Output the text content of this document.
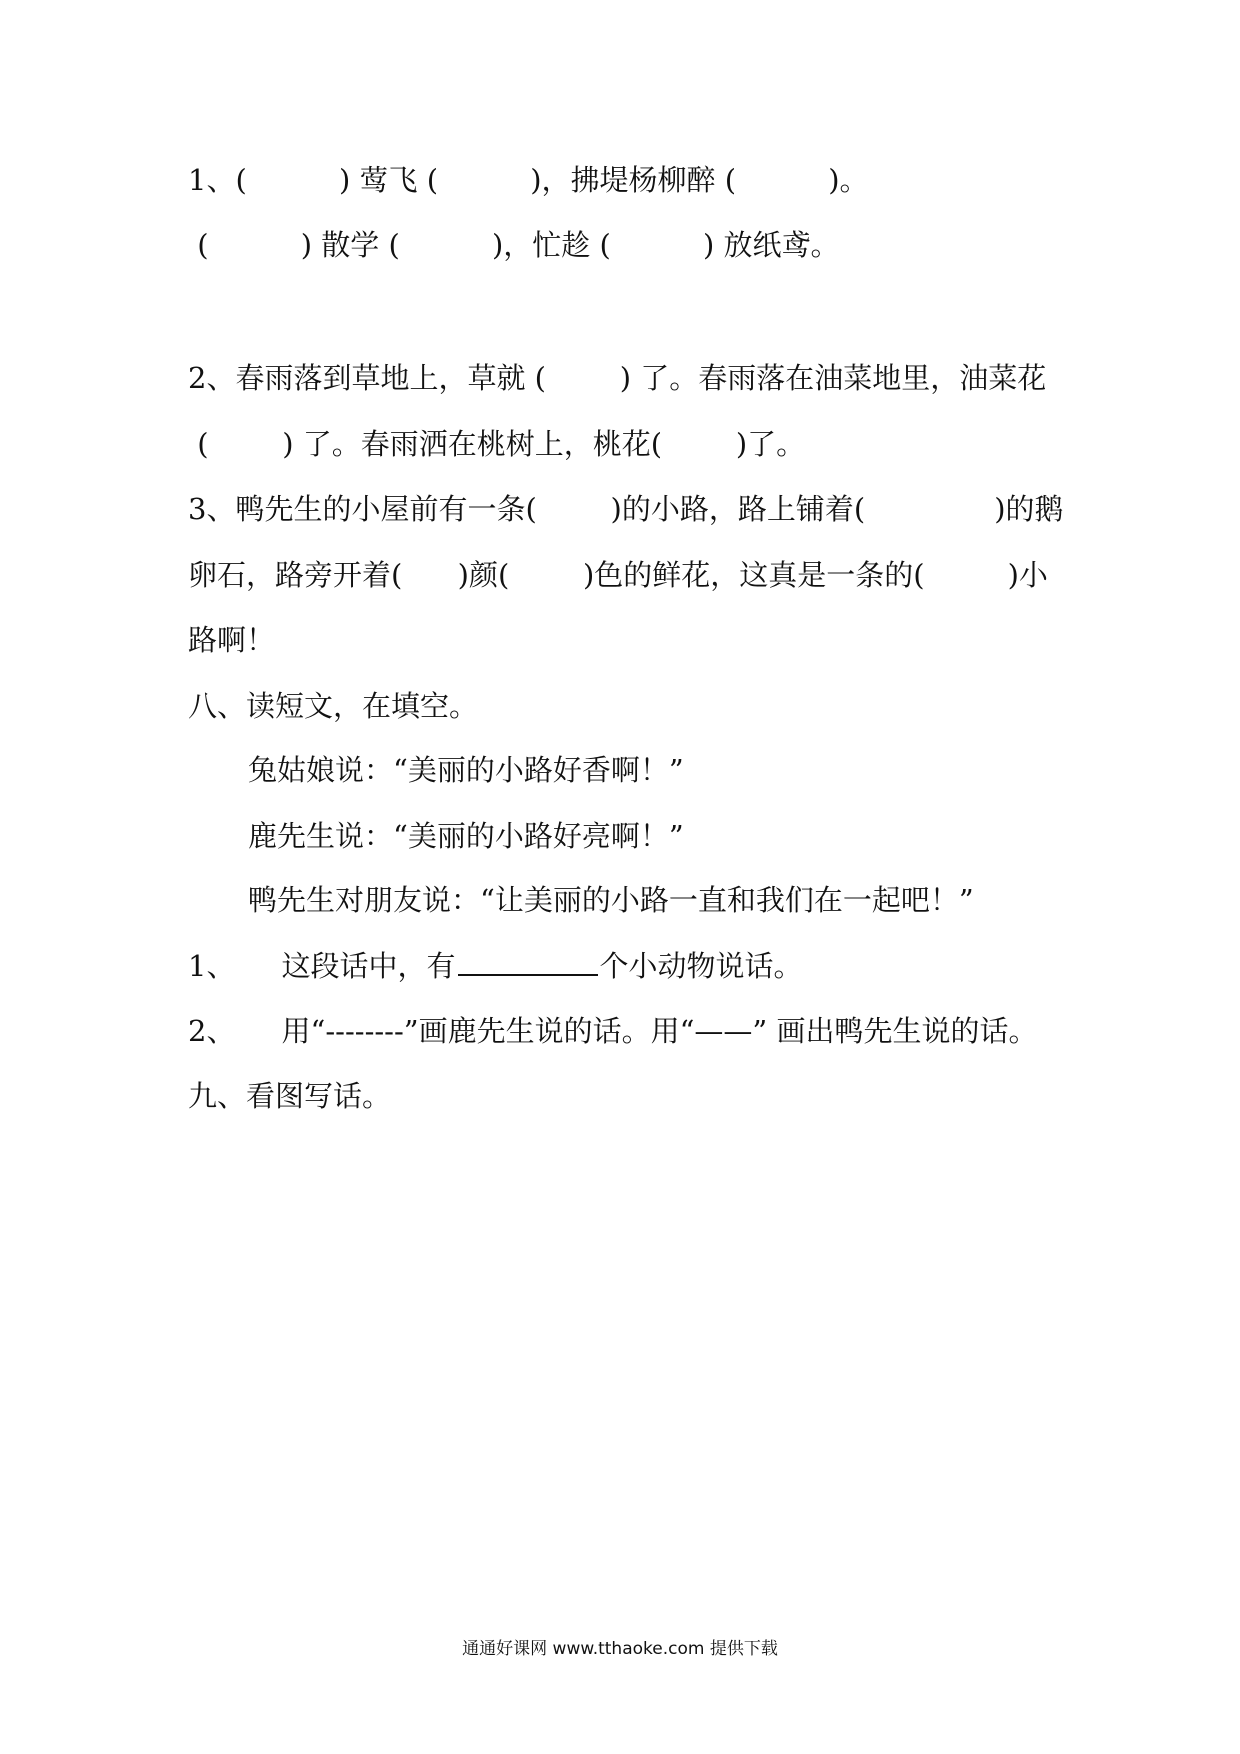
1、(          ) 莺飞 (          )，拂堤杨柳醉 (          )。
(          ) 散学 (          )，忙趁 (          ) 放纸鸢。
2、春雨落到草地上，草就 (        ) 了。春雨落在油菜地里，油菜花
(        ) 了。春雨洒在桃树上，桃花(        )了。
3、鸭先生的小屋前有一条(        )的小路，路上铺着(              )的鹅
卵石，路旁开着(      )颜(        )色的鲜花，这真是一条的(         )小
路啊！
八、读短文，在填空。
兔姑娘说：“美丽的小路好香啊！”
鹿先生说：“美丽的小路好亮啊！”
鸭先生对朋友说：“让美丽的小路一直和我们在一起吧！”
1、     这段话中，有	个小动物说话。
2、     用“--------”画鹿先生说的话。用“——” 画出鸭先生说的话。
九、看图写话。
通通好课网 www.tthaoke.com 提供下载
